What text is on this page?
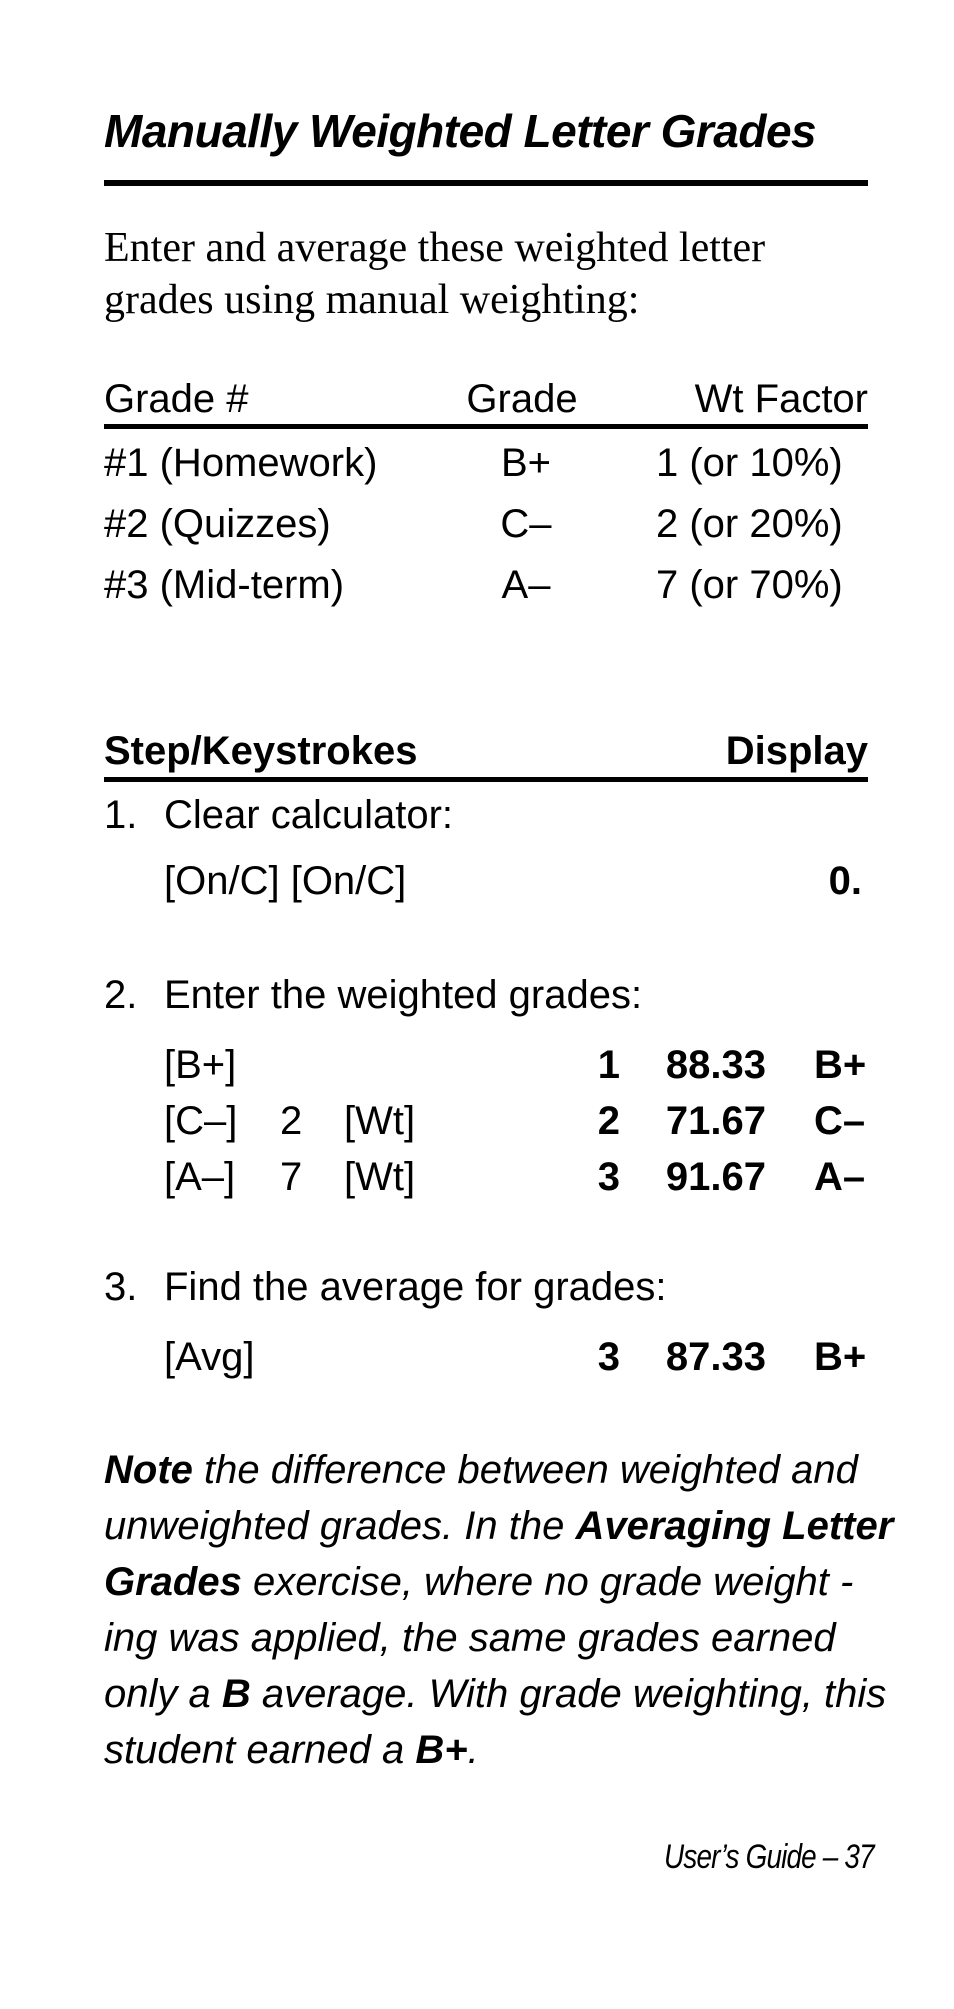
Manually Weighted Letter Grades
Enter and average these weighted letter grades using manual weighting:
Grade #	Grade	Wt Factor
#1 (Homework)	B+	1 (or 10%)
#2 (Quizzes)	C–	2 (or 20%)
#3 (Mid-term)	A–	7 (or 70%)
Step/Keystrokes	Display
1. Clear calculator:
[On/C] [On/C]	0.
2. Enter the weighted grades:
[B+]	1 88.33 B+
[C–] 2 [Wt]	2 71.67 C–
[A–] 7 [Wt]	3 91.67 A–
3. Find the average for grades:
[Avg]	3 87.33 B+
Note the difference between weighted and unweighted grades. In the Averaging Letter Grades exercise, where no grade weight - ing was applied, the same grades earned only a B average. With grade weighting, this student earned a B+.
User’s Guide – 37
